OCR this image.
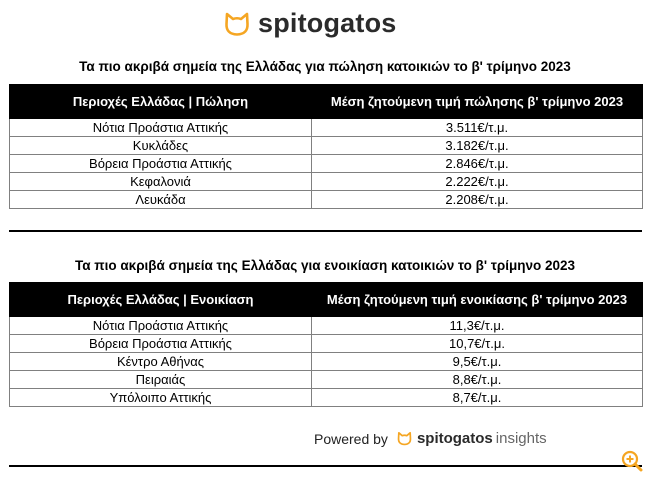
spitogatos
Τα πιο ακριβά σημεία της Ελλάδας για πώληση κατοικιών το β' τρίμηνο 2023
Περιοχές Ελλάδας | Πώληση	Μέση ζητούμενη τιμή πώλησης β' τρίμηνο 2023
Νότια Προάστια Αττικής	3.511€/τ.μ.
Κυκλάδες	3.182€/τ.μ.
Βόρεια Προάστια Αττικής	2.846€/τ.μ.
Κεφαλονιά	2.222€/τ.μ.
Λευκάδα	2.208€/τ.μ.
Τα πιο ακριβά σημεία της Ελλάδας για ενοικίαση κατοικιών το β' τρίμηνο 2023
Περιοχές Ελλάδας | Ενοικίαση	Μέση ζητούμενη τιμή ενοικίασης β' τρίμηνο 2023
Νότια Προάστια Αττικής	11,3€/τ.μ.
Βόρεια Προάστια Αττικής	10,7€/τ.μ.
Κέντρο Αθήνας	9,5€/τ.μ.
Πειραιάς	8,8€/τ.μ.
Υπόλοιπο Αττικής	8,7€/τ.μ.
Powered by spitogatos insights
